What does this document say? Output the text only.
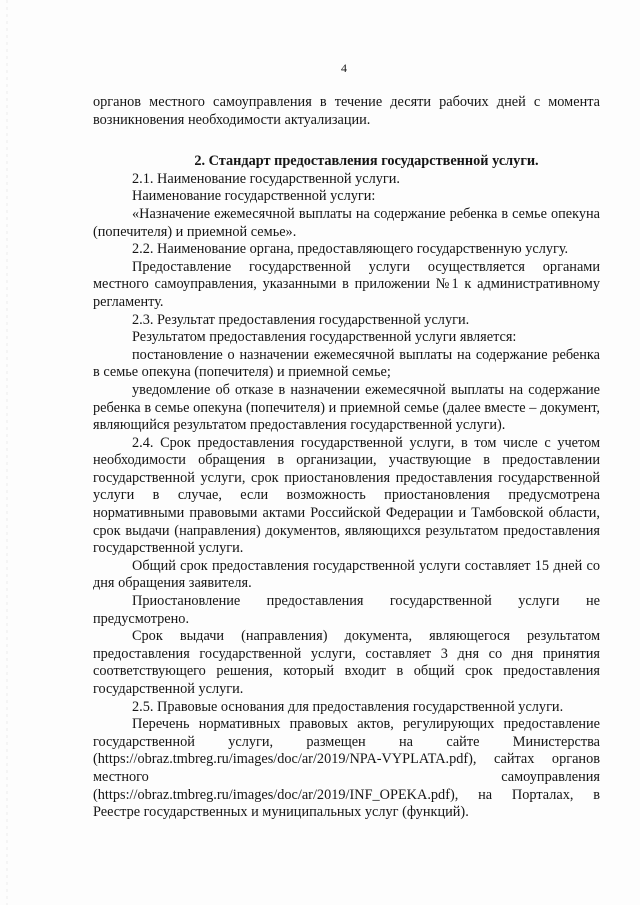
4

органов местного самоуправления в течение десяти рабочих дней с момента возникновения необходимости актуализации.

2. Стандарт предоставления государственной услуги.

2.1. Наименование государственной услуги.

Наименование государственной услуги:

«Назначение ежемесячной выплаты на содержание ребенка в семье опекуна (попечителя) и приемной семье».

2.2. Наименование органа, предоставляющего государственную услугу.

Предоставление государственной услуги осуществляется органами местного самоуправления, указанными в приложении №1 к административному регламенту.

2.3. Результат предоставления государственной услуги.

Результатом предоставления государственной услуги является:

постановление о назначении ежемесячной выплаты на содержание ребенка в семье опекуна (попечителя) и приемной семье;

уведомление об отказе в назначении ежемесячной выплаты на содержание ребенка в семье опекуна (попечителя) и приемной семье (далее вместе – документ, являющийся результатом предоставления государственной услуги).

2.4. Срок предоставления государственной услуги, в том числе с учетом необходимости обращения в организации, участвующие в предоставлении государственной услуги, срок приостановления предоставления государственной услуги в случае, если возможность приостановления предусмотрена нормативными правовыми актами Российской Федерации и Тамбовской области, срок выдачи (направления) документов, являющихся результатом предоставления государственной услуги.

Общий срок предоставления государственной услуги составляет 15 дней со дня обращения заявителя.

Приостановление предоставления государственной услуги не предусмотрено.

Срок выдачи (направления) документа, являющегося результатом предоставления государственной услуги, составляет 3 дня со дня принятия соответствующего решения, который входит в общий срок предоставления государственной услуги.

2.5. Правовые основания для предоставления государственной услуги.

Перечень нормативных правовых актов, регулирующих предоставление государственной услуги, размещен на сайте Министерства (https://obraz.tmbreg.ru/images/doc/ar/2019/NPA-VYPLATA.pdf), сайтах органов местного самоуправления (https://obraz.tmbreg.ru/images/doc/ar/2019/INF_OPEKA.pdf), на Порталах, в Реестре государственных и муниципальных услуг (функций).
